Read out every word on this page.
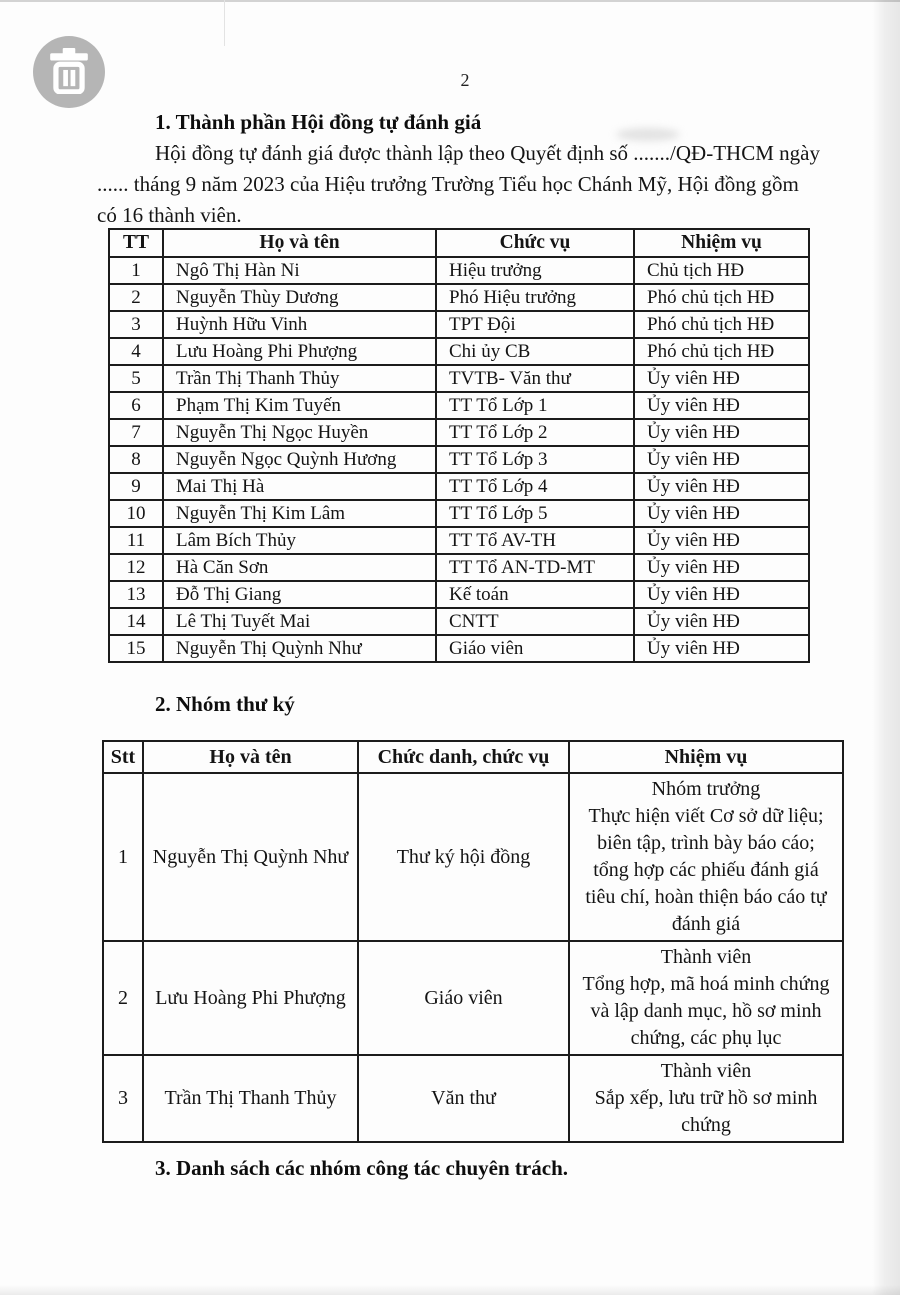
2
1. Thành phần Hội đồng tự đánh giá
Hội đồng tự đánh giá được thành lập theo Quyết định số ......./QĐ-THCM ngày
...... tháng 9 năm 2023 của Hiệu trưởng Trường Tiểu học Chánh Mỹ, Hội đồng gồm
có 16 thành viên.
TT	Họ và tên	Chức vụ	Nhiệm vụ
1	Ngô Thị Hàn Ni	Hiệu trưởng	Chủ tịch HĐ
2	Nguyễn Thùy Dương	Phó Hiệu trưởng	Phó chủ tịch HĐ
3	Huỳnh Hữu Vinh	TPT Đội	Phó chủ tịch HĐ
4	Lưu Hoàng Phi Phượng	Chi ủy CB	Phó chủ tịch HĐ
5	Trần Thị Thanh Thủy	TVTB- Văn thư	Ủy viên HĐ
6	Phạm Thị Kim Tuyến	TT Tổ Lớp 1	Ủy viên HĐ
7	Nguyễn Thị Ngọc Huyền	TT Tổ Lớp 2	Ủy viên HĐ
8	Nguyễn Ngọc Quỳnh Hương	TT Tổ Lớp 3	Ủy viên HĐ
9	Mai Thị Hà	TT Tổ Lớp 4	Ủy viên HĐ
10	Nguyễn Thị Kim Lâm	TT Tổ Lớp 5	Ủy viên HĐ
11	Lâm Bích Thủy	TT Tổ AV-TH	Ủy viên HĐ
12	Hà Căn Sơn	TT Tổ AN-TD-MT	Ủy viên HĐ
13	Đỗ Thị Giang	Kế toán	Ủy viên HĐ
14	Lê Thị Tuyết Mai	CNTT	Ủy viên HĐ
15	Nguyễn Thị Quỳnh Như	Giáo viên	Ủy viên HĐ
2. Nhóm thư ký
Stt	Họ và tên	Chức danh, chức vụ	Nhiệm vụ
1	Nguyễn Thị Quỳnh Như	Thư ký hội đồng	Nhóm trưởng
Thực hiện viết Cơ sở dữ liệu; biên tập, trình bày báo cáo; tổng hợp các phiếu đánh giá tiêu chí, hoàn thiện báo cáo tự đánh giá

2	Lưu Hoàng Phi Phượng	Giáo viên	Thành viên
Tổng hợp, mã hoá minh chứng và lập danh mục, hồ sơ minh chứng, các phụ lục

3	Trần Thị Thanh Thủy	Văn thư	Thành viên
Sắp xếp, lưu trữ hồ sơ minh chứng
3. Danh sách các nhóm công tác chuyên trách.
